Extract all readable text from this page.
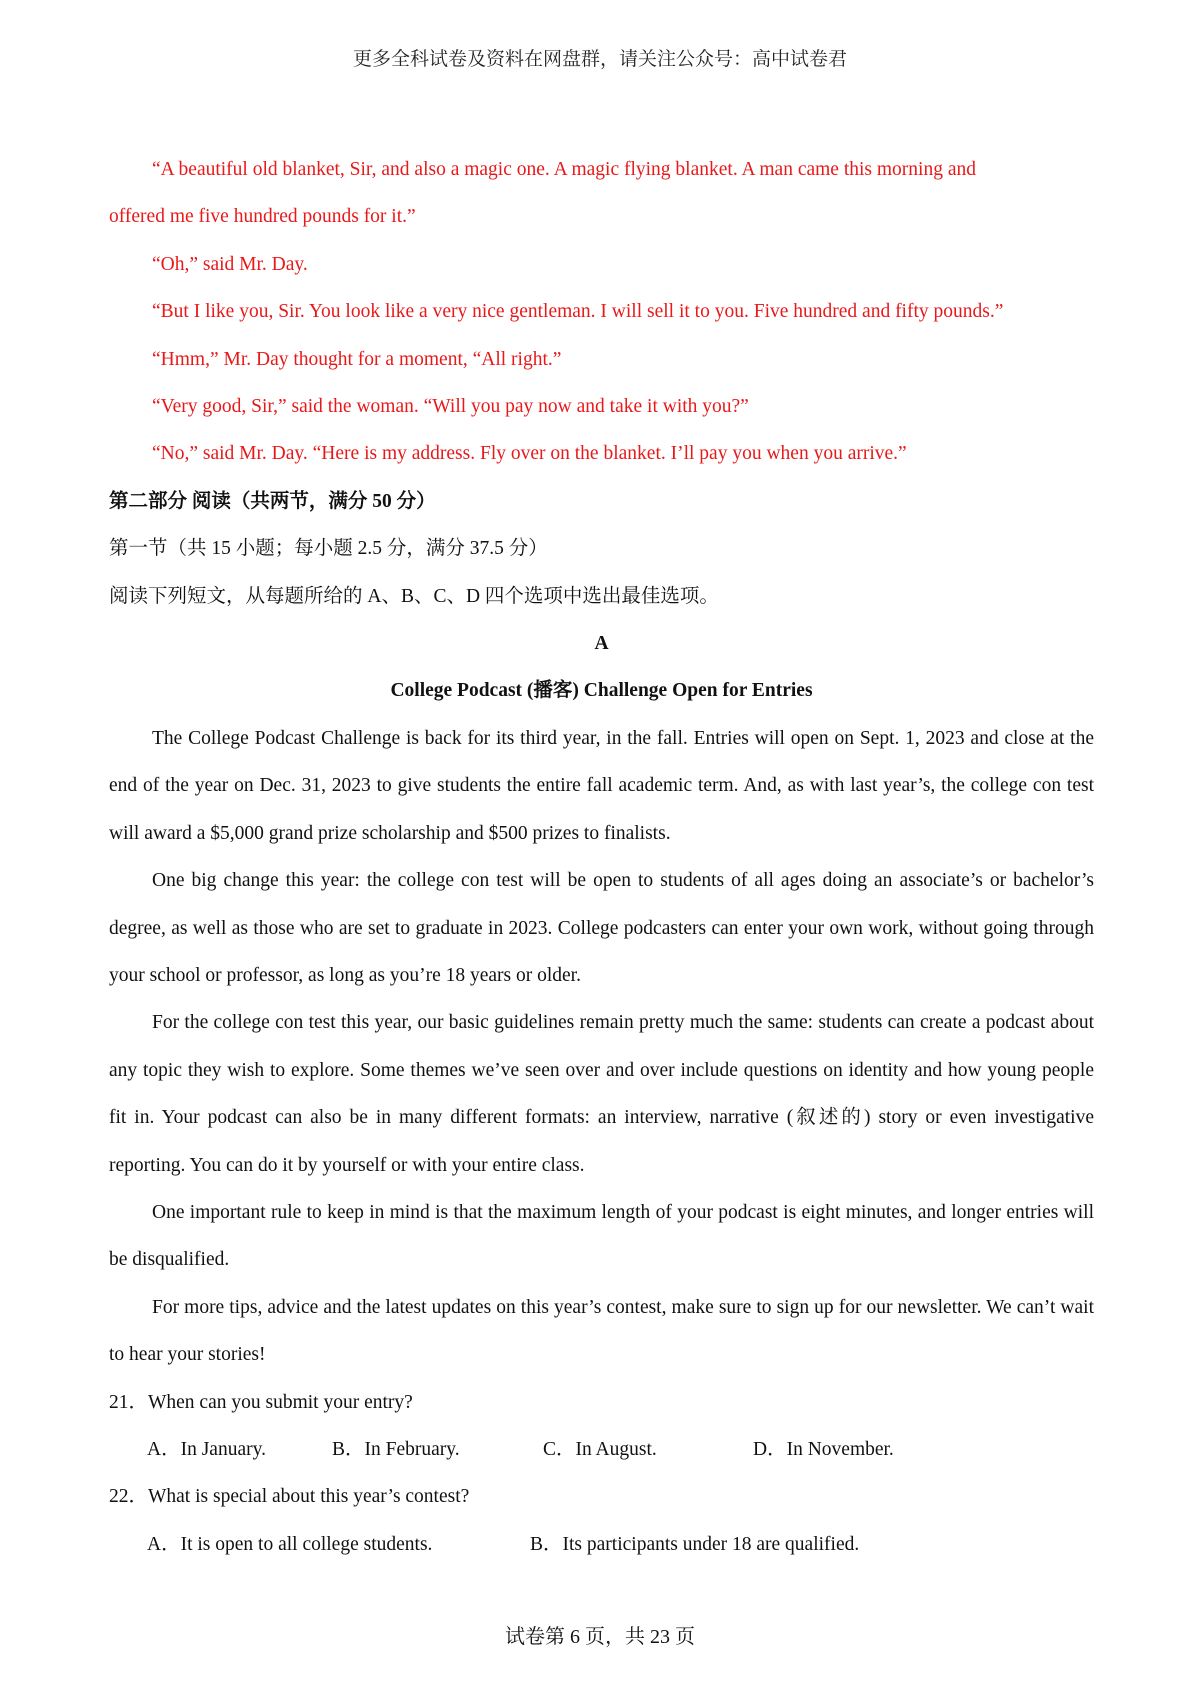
更多全科试卷及资料在网盘群，请关注公众号：高中试卷君

“A beautiful old blanket, Sir, and also a magic one. A magic flying blanket. A man came this morning and

offered me five hundred pounds for it.”

“Oh,” said Mr. Day.

“But I like you, Sir. You look like a very nice gentleman. I will sell it to you. Five hundred and fifty pounds.”

“Hmm,” Mr. Day thought for a moment, “All right.”

“Very good, Sir,” said the woman. “Will you pay now and take it with you?”

“No,” said Mr. Day. “Here is my address. Fly over on the blanket. I’ll pay you when you arrive.”

第二部分 阅读（共两节，满分 50 分）

第一节（共 15 小题；每小题 2.5 分，满分 37.5 分）

阅读下列短文，从每题所给的 A、B、C、D 四个选项中选出最佳选项。

A

College Podcast (播客) Challenge Open for Entries

The College Podcast Challenge is back for its third year, in the fall. Entries will open on Sept. 1, 2023 and close at the end of the year on Dec. 31, 2023 to give students the entire fall academic term. And, as with last year’s, the college con test will award a $5,000 grand prize scholarship and $500 prizes to finalists.

One big change this year: the college con test will be open to students of all ages doing an associate’s or bachelor’s degree, as well as those who are set to graduate in 2023. College podcasters can enter your own work, without going through your school or professor, as long as you’re 18 years or older.

For the college con test this year, our basic guidelines remain pretty much the same: students can create a podcast about any topic they wish to explore. Some themes we’ve seen over and over include questions on identity and how young people fit in. Your podcast can also be in many different formats: an interview, narrative (叙述的) story or even investigative reporting. You can do it by yourself or with your entire class.

One important rule to keep in mind is that the maximum length of your podcast is eight minutes, and longer entries will be disqualified.

For more tips, advice and the latest updates on this year’s contest, make sure to sign up for our newsletter. We can’t wait to hear your stories!

21．When can you submit your entry?

A．In January.	B．In February.	C．In August.	D．In November.

22．What is special about this year’s contest?

A．It is open to all college students.	B．Its participants under 18 are qualified.
试卷第 6 页，共 23 页
